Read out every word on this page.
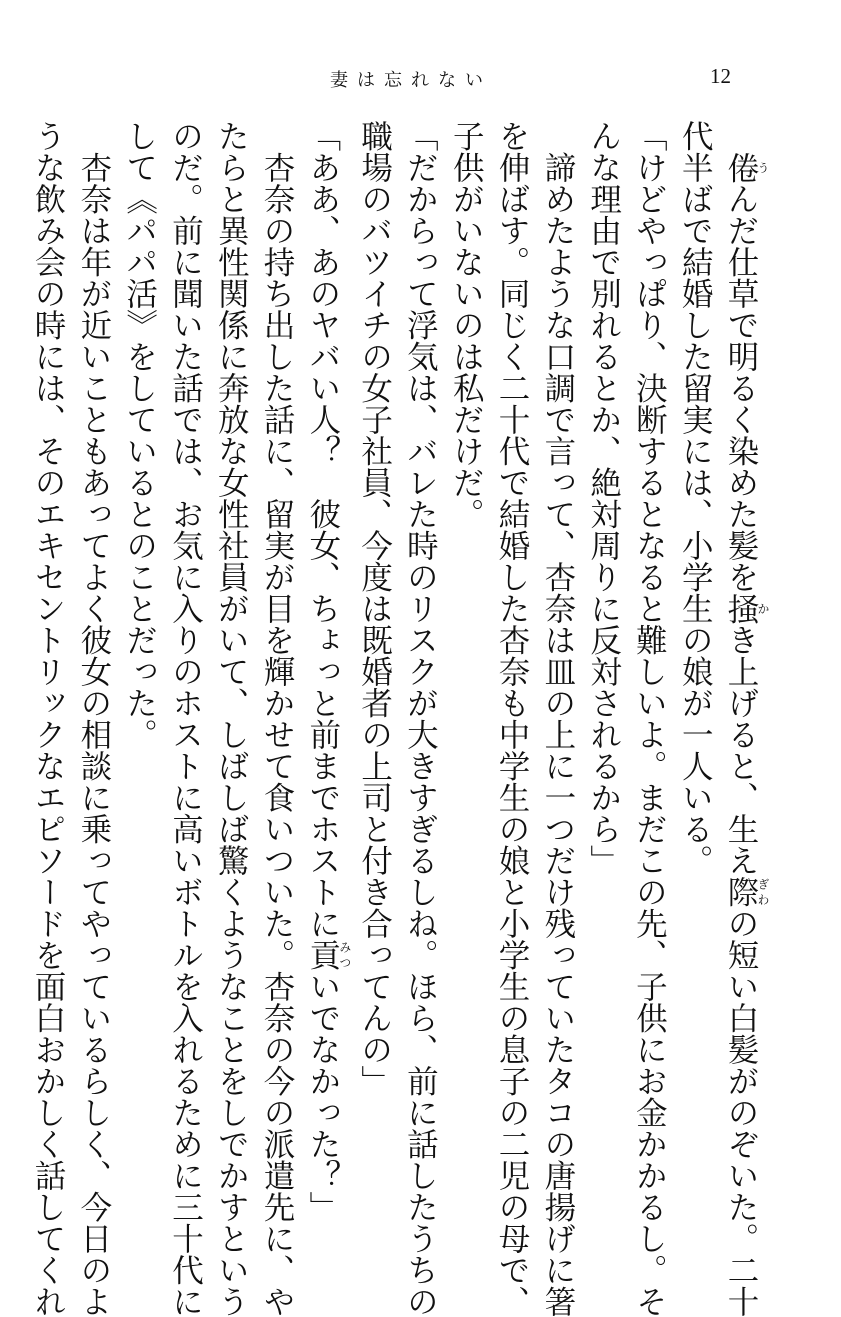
妻は忘れない	12
倦うんだ仕草で明るく染めた髪を掻かき上げると、生え際ぎわの短い白髪がのぞいた。二十
代半ばで結婚した留実には、小学生の娘が一人いる。
「けどやっぱり、決断するとなると難しいよ。まだこの先、子供にお金かかるし。そ
んな理由で別れるとか、絶対周りに反対されるから」
諦めたような口調で言って、杏奈は皿の上に一つだけ残っていたタコの唐揚げに箸
を伸ばす。同じく二十代で結婚した杏奈も中学生の娘と小学生の息子の二児の母で、
子供がいないのは私だけだ。
「だからって浮気は、バレた時のリスクが大きすぎるしね。ほら、前に話したうちの
職場のバツイチの女子社員、今度は既婚者の上司と付き合ってんの」
「ああ、あのヤバい人？　彼女、ちょっと前までホストに貢みついでなかった？」
杏奈の持ち出した話に、留実が目を輝かせて食いついた。杏奈の今の派遣先に、や
たらと異性関係に奔放な女性社員がいて、しばしば驚くようなことをしでかすという
のだ。前に聞いた話では、お気に入りのホストに高いボトルを入れるために三十代に
して《パパ活》をしているとのことだった。
杏奈は年が近いこともあってよく彼女の相談に乗ってやっているらしく、今日のよ
うな飲み会の時には、そのエキセントリックなエピソードを面白おかしく話してくれ
